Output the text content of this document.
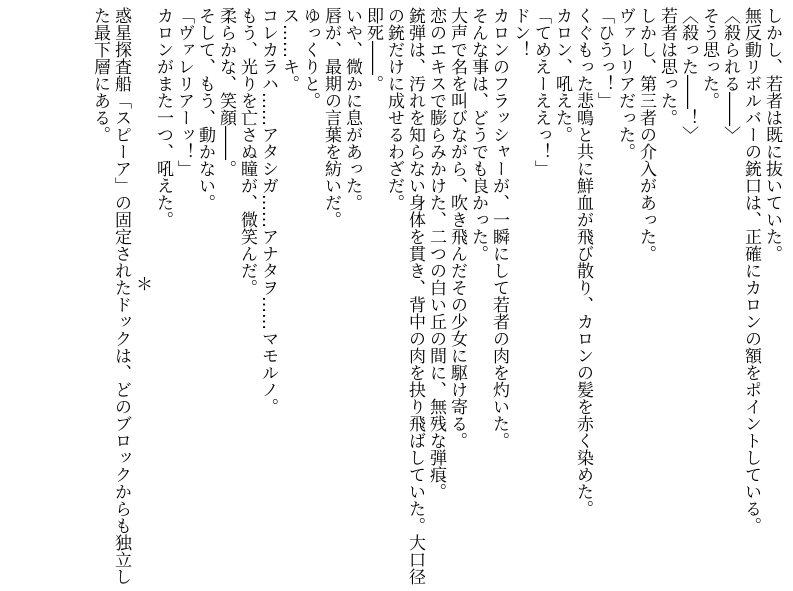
しかし、若者は既に抜いていた。
無反動リボルバーの銃口は、正確にカロンの額をポイントしている。
〈殺られる――〉
そう思った。
〈殺った――！〉
若者は思った。
しかし、第三者の介入があった。
ヴァレリアだった。
「ひうっ！」
くぐもった悲鳴と共に鮮血が飛び散り、カロンの髪を赤く染めた。
カロン、吼えた。
「てめえーええっ！」
ドン！
カロンのフラッシャーが、一瞬にして若者の肉を灼いた。
そんな事は、どうでも良かった。
大声で名を叫びながら、吹き飛んだその少女に駆け寄る。
恋のエキスで膨らみかけた、二つの白い丘の間に、無残な弾痕。
銃弾は、汚れを知らない身体を貫き、背中の肉を抉り飛ばしていた。大口径の銃だけに成せるわざだ。
即死――。
いや、微かに息があった。
唇が、最期の言葉を紡いだ。
ゆっくりと。
ス……キ。
コレカラハ……アタシガ……アナタヲ……マモルノ。
もう、光りを亡さぬ瞳が、微笑んだ。
柔らかな、笑顔――。
そして、もう、動かない。
「ヴァレリアーッ！」
カロンがまた一つ、吼えた。
＊
惑星探査船「スピーア」の固定されたドックは、どのブロックからも独立した最下層にある。
